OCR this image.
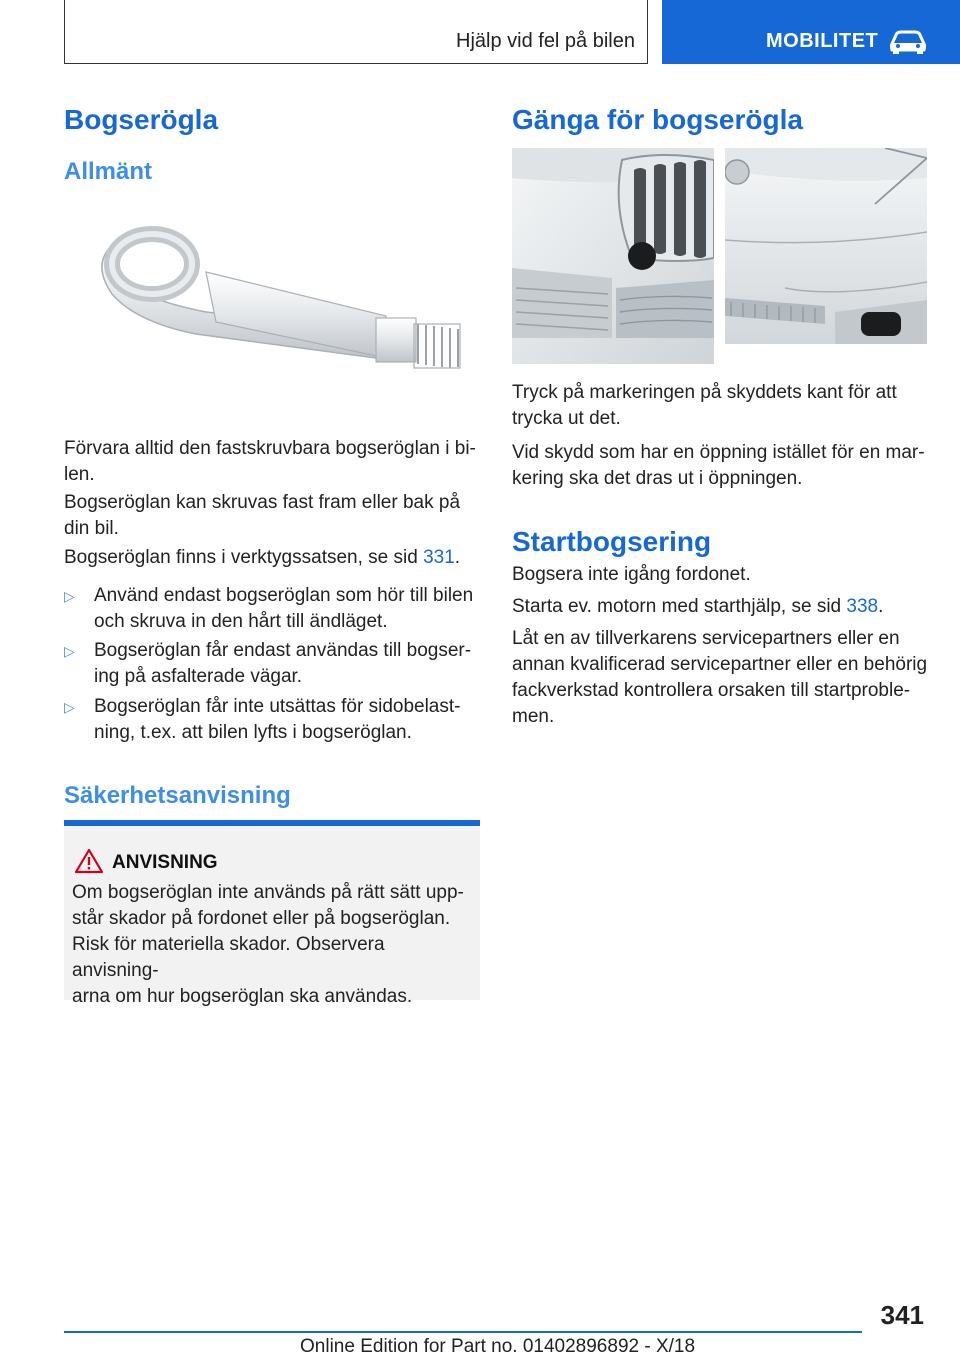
Hjälp vid fel på bilen	MOBILITET
Bogserögla
Allmänt

Förvara alltid den fastskruvbara bogseröglan i bi-
len.

Bogseröglan kan skruvas fast fram eller bak på
din bil.

Bogseröglan finns i verktygssatsen, se sid 331.

▷ Använd endast bogseröglan som hör till bilen
och skruva in den hårt till ändläget.
▷ Bogseröglan får endast användas till bogser-
ing på asfalterade vägar.
▷ Bogseröglan får inte utsättas för sidobelast-
ning, t.ex. att bilen lyfts i bogseröglan.
Säkerhetsanvisning
ANVISNING
Om bogseröglan inte används på rätt sätt upp-
står skador på fordonet eller på bogseröglan.
Risk för materiella skador. Observera anvisning-
arna om hur bogseröglan ska användas.
Gänga för bogserögla

Tryck på markeringen på skyddets kant för att
trycka ut det.

Vid skydd som har en öppning istället för en mar-
kering ska det dras ut i öppningen.

Startbogsering

Bogsera inte igång fordonet.

Starta ev. motorn med starthjälp, se sid 338.

Låt en av tillverkarens servicepartners eller en
annan kvalificerad servicepartner eller en behörig
fackverkstad kontrollera orsaken till startproble-
men.

341
Online Edition for Part no. 01402896892 - X/18
